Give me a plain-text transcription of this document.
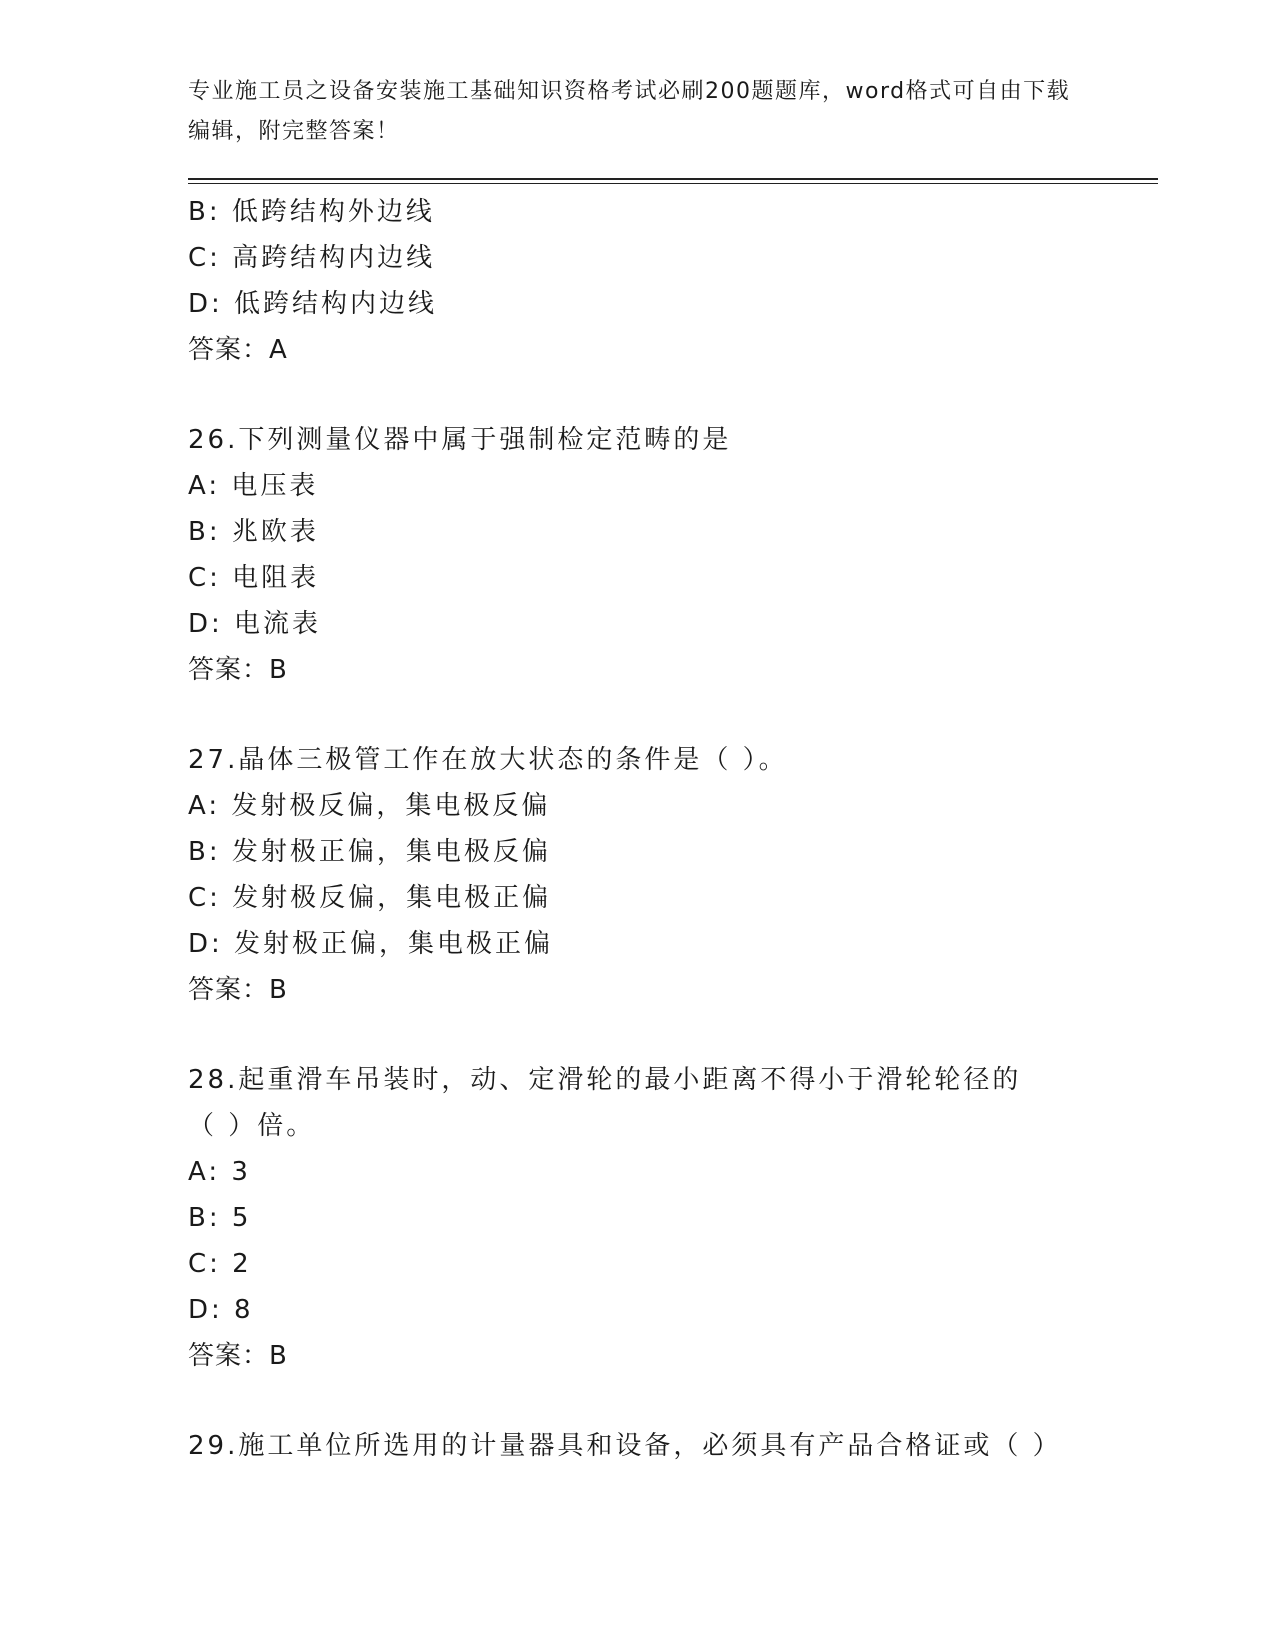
专业施工员之设备安装施工基础知识资格考试必刷200题题库，word格式可自由下载编辑，附完整答案！
B: 低跨结构外边线
C: 高跨结构内边线
D: 低跨结构内边线
答案：A
26.下列测量仪器中属于强制检定范畴的是
A: 电压表
B: 兆欧表
C: 电阻表
D: 电流表
答案：B
27.晶体三极管工作在放大状态的条件是（ ）。
A: 发射极反偏，集电极反偏
B: 发射极正偏，集电极反偏
C: 发射极反偏，集电极正偏
D: 发射极正偏，集电极正偏
答案：B
28.起重滑车吊装时，动、定滑轮的最小距离不得小于滑轮轮径的（ ）倍。
A: 3
B: 5
C: 2
D: 8
答案：B
29.施工单位所选用的计量器具和设备，必须具有产品合格证或（ ）
